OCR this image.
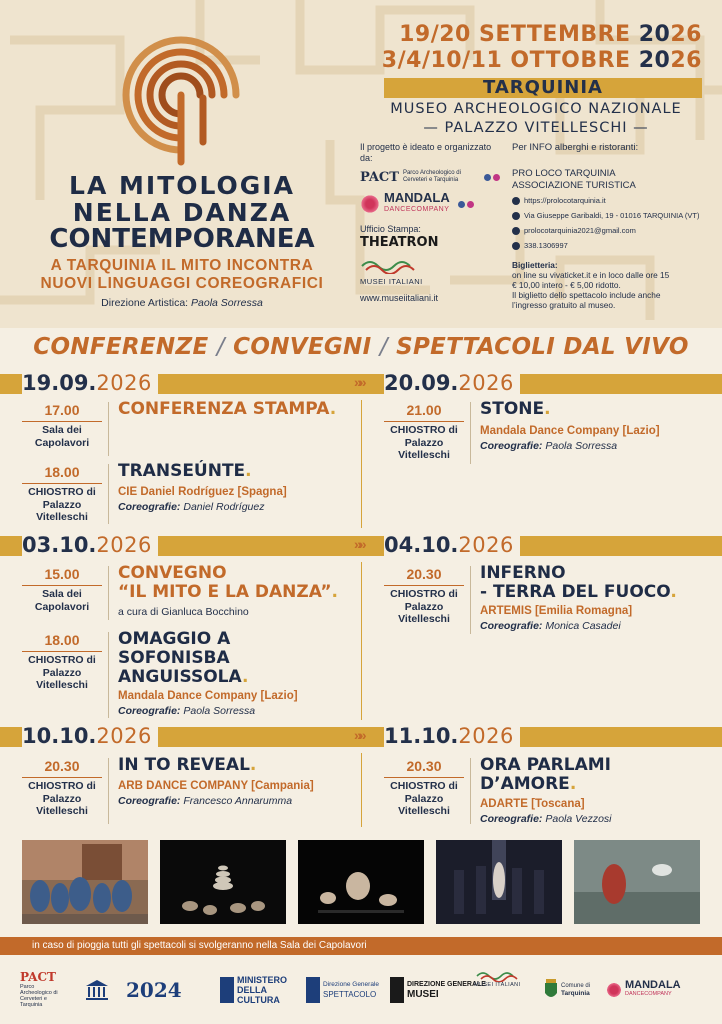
LA MITOLOGIA
NELLA DANZA
CONTEMPORANEA
A TARQUINIA IL MITO INCONTRA
NUOVI LINGUAGGI COREOGRAFICI
Direzione Artistica: Paola Sorressa
19/20 SETTEMBRE 2026
3/4/10/11 OTTOBRE 2026
TARQUINIA
MUSEO ARCHEOLOGICO NAZIONALE
— PALAZZO VITELLESCHI —
Il progetto è ideato e organizzato da:
PACT Parco Archeologico di Cerveteri e Tarquinia
MANDALA
DANCECOMPANY
Ufficio Stampa:
THEATRON
MUSEI ITALIANI
www.museiitaliani.it
Per INFO alberghi e ristoranti:
PRO LOCO TARQUINIA
ASSOCIAZIONE TURISTICA
https://prolocotarquinia.it
Via Giuseppe Garibaldi, 19 - 01016 TARQUINIA (VT)
prolocotarquinia2021@gmail.com
338.1306997
Biglietteria:
on line su vivaticket.it e in loco dalle ore 15
€ 10,00 intero - € 5,00 ridotto.
Il biglietto dello spettacolo include anche
l’ingresso gratuito al museo.
CONFERENZE / CONVEGNI / SPETTACOLI DAL VIVO
19.09.2026	»» 20.09.2026
17.00
Sala dei Capolavori
CONFERENZA STAMPA.
18.00
CHIOSTRO di Palazzo Vitelleschi
TRANSEÚNTE.
CIE Daniel Rodríguez [Spagna]
Coreografie: Daniel Rodríguez
21.00
CHIOSTRO di Palazzo Vitelleschi
STONE.
Mandala Dance Company [Lazio]
Coreografie: Paola Sorressa
03.10.2026	»» 04.10.2026
15.00
Sala dei Capolavori
CONVEGNO
“IL MITO E LA DANZA”.
a cura di Gianluca Bocchino
18.00
CHIOSTRO di Palazzo Vitelleschi
OMAGGIO A
SOFONISBA
ANGUISSOLA.
Mandala Dance Company [Lazio]
Coreografie: Paola Sorressa
20.30
CHIOSTRO di Palazzo Vitelleschi
INFERNO
- TERRA DEL FUOCO.
ARTEMIS [Emilia Romagna]
Coreografie: Monica Casadei
10.10.2026	»» 11.10.2026
20.30
CHIOSTRO di Palazzo Vitelleschi
IN TO REVEAL.
ARB DANCE COMPANY [Campania]
Coreografie: Francesco Annarumma
20.30
CHIOSTRO di Palazzo Vitelleschi
ORA PARLAMI
D’AMORE.
ADARTE [Toscana]
Coreografie: Paola Vezzosi
in caso di pioggia tutti gli spettacoli si svolgeranno nella Sala dei Capolavori
PACT
Parco Archeologico di Cerveteri e Tarquinia
2024	MINISTERO DELLA CULTURA
Direzione Generale
SPETTACOLO
DIREZIONE GENERALE
MUSEI
MUSEI ITALIANI	Comune di
Tarquinia
MANDALA
DANCECOMPANY
